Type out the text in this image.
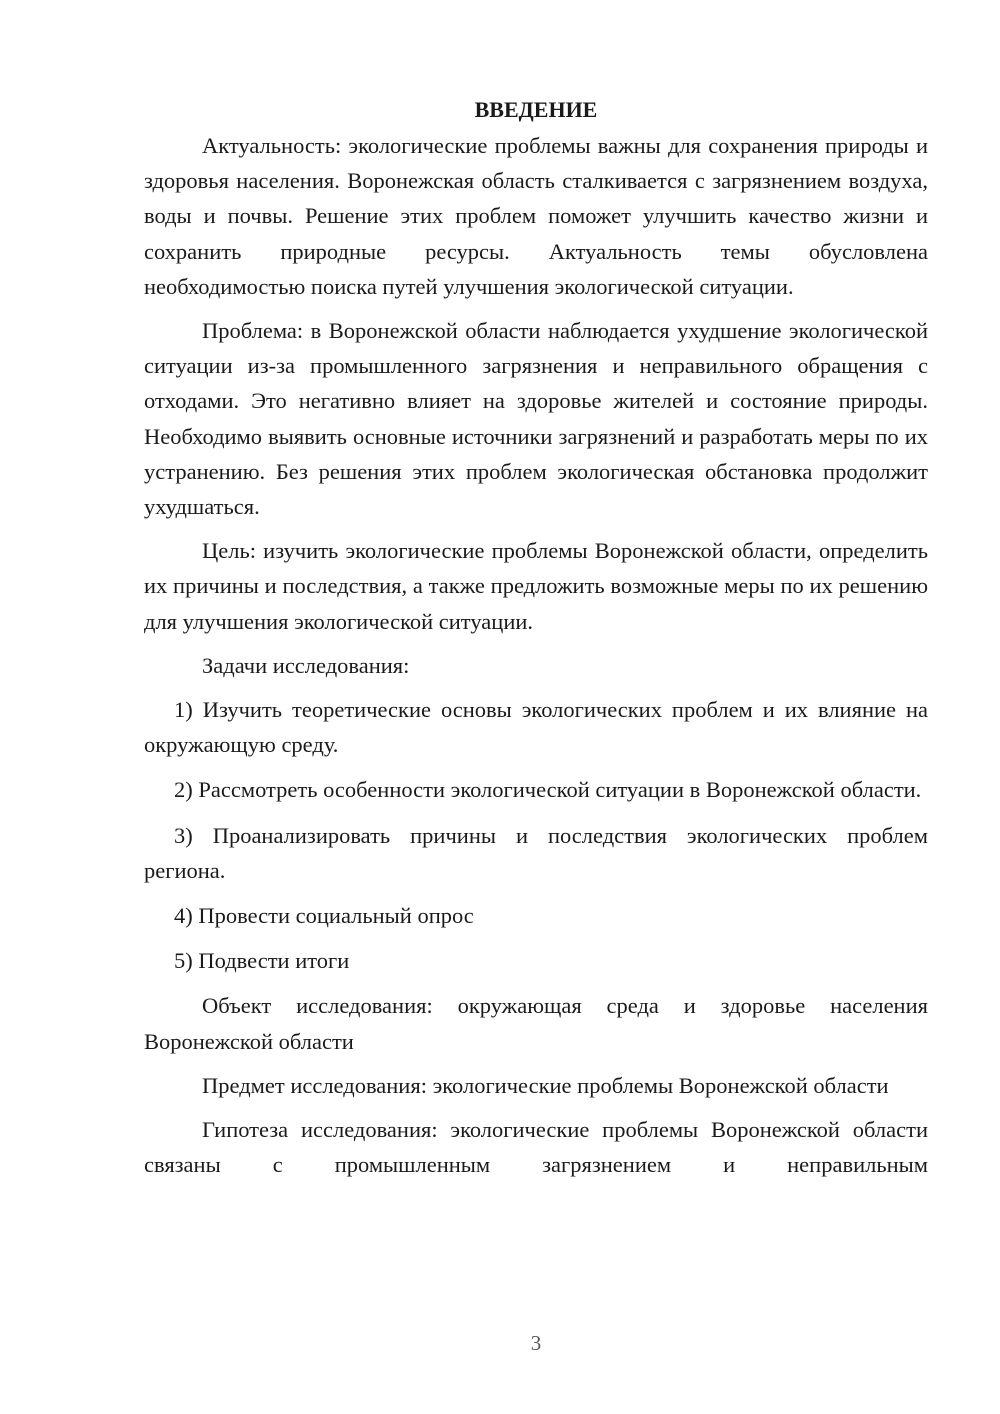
ВВЕДЕНИЕ

Актуальность: экологические проблемы важны для сохранения природы и здоровья населения. Воронежская область сталкивается с загрязнением воздуха, воды и почвы. Решение этих проблем поможет улучшить качество жизни и сохранить природные ресурсы. Актуальность темы обусловлена необходимостью поиска путей улучшения экологической ситуации.

Проблема: в Воронежской области наблюдается ухудшение экологической ситуации из-за промышленного загрязнения и неправильного обращения с отходами. Это негативно влияет на здоровье жителей и состояние природы. Необходимо выявить основные источники загрязнений и разработать меры по их устранению. Без решения этих проблем экологическая обстановка продолжит ухудшаться.

Цель: изучить экологические проблемы Воронежской области, определить их причины и последствия, а также предложить возможные меры по их решению для улучшения экологической ситуации.

Задачи исследования:

1) Изучить теоретические основы экологических проблем и их влияние на окружающую среду.

2) Рассмотреть особенности экологической ситуации в Воронежской области.

3) Проанализировать причины и последствия экологических проблем региона.

4) Провести социальный опрос

5) Подвести итоги

Объект исследования: окружающая среда и здоровье населения Воронежской области

Предмет исследования: экологические проблемы Воронежской области

Гипотеза исследования: экологические проблемы Воронежской области связаны с промышленным загрязнением и неправильным

3
